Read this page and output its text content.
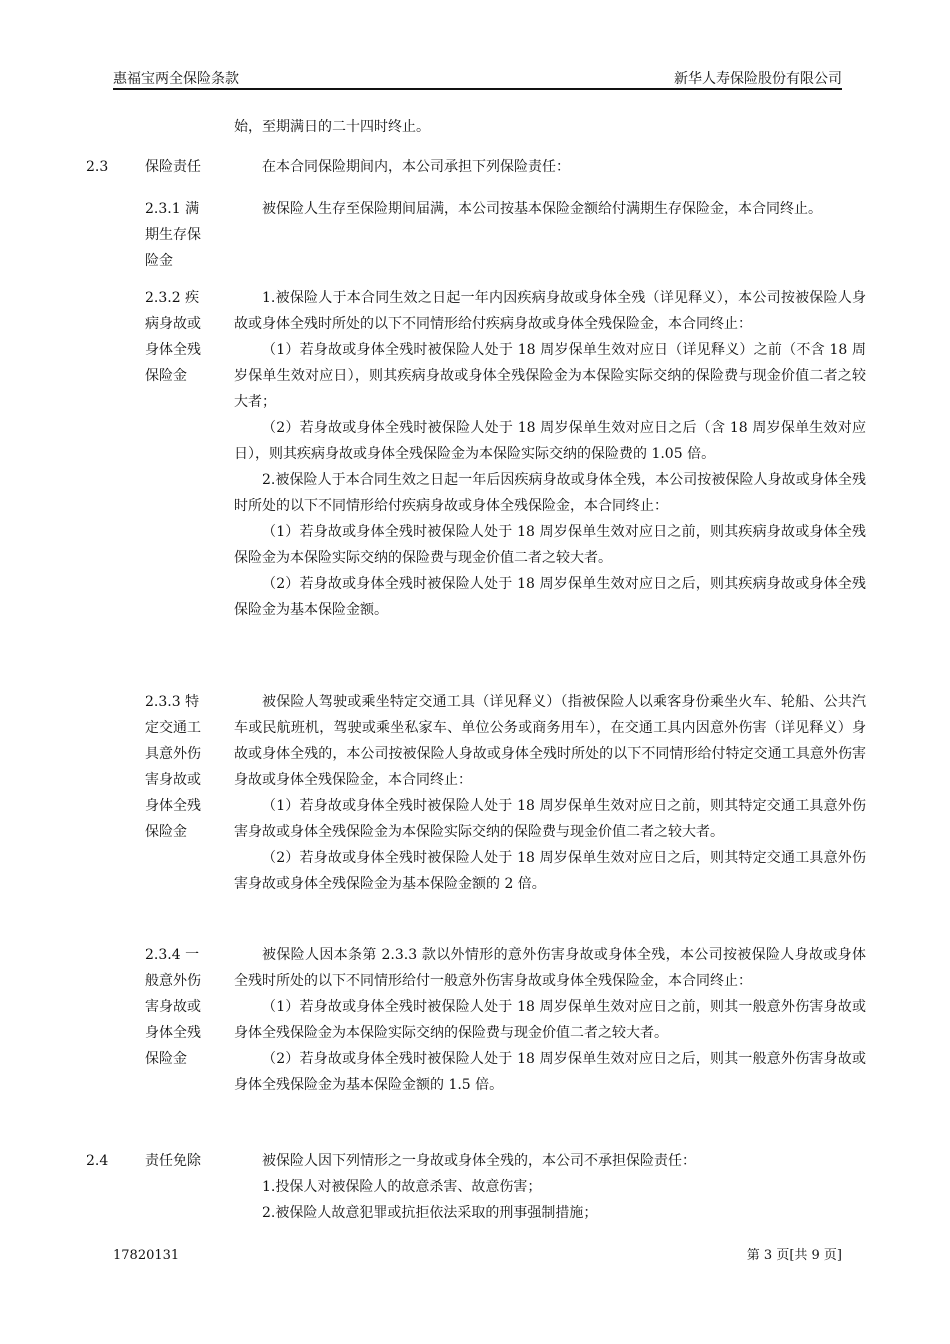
惠福宝两全保险条款	新华人寿保险股份有限公司

始，至期满日的二十四时终止。

2.3	保险责任	在本合同保险期间内，本公司承担下列保险责任：

2.3.1 满
期生存保
险金

被保险人生存至保险期间届满，本公司按基本保险金额给付满期生存保险金，本合同终止。

2.3.2 疾
病身故或
身体全残
保险金

1.被保险人于本合同生效之日起一年内因疾病身故或身体全残（详见释义），本公司按被保险人身故或身体全残时所处的以下不同情形给付疾病身故或身体全残保险金，本合同终止：

（1）若身故或身体全残时被保险人处于 18 周岁保单生效对应日（详见释义）之前（不含 18 周岁保单生效对应日），则其疾病身故或身体全残保险金为本保险实际交纳的保险费与现金价值二者之较大者；

（2）若身故或身体全残时被保险人处于 18 周岁保单生效对应日之后（含 18 周岁保单生效对应日），则其疾病身故或身体全残保险金为本保险实际交纳的保险费的 1.05 倍。

2.被保险人于本合同生效之日起一年后因疾病身故或身体全残，本公司按被保险人身故或身体全残时所处的以下不同情形给付疾病身故或身体全残保险金，本合同终止：

（1）若身故或身体全残时被保险人处于 18 周岁保单生效对应日之前，则其疾病身故或身体全残保险金为本保险实际交纳的保险费与现金价值二者之较大者。

（2）若身故或身体全残时被保险人处于 18 周岁保单生效对应日之后，则其疾病身故或身体全残保险金为基本保险金额。

2.3.3 特
定交通工
具意外伤
害身故或
身体全残
保险金

被保险人驾驶或乘坐特定交通工具（详见释义）（指被保险人以乘客身份乘坐火车、轮船、公共汽车或民航班机，驾驶或乘坐私家车、单位公务或商务用车），在交通工具内因意外伤害（详见释义）身故或身体全残的，本公司按被保险人身故或身体全残时所处的以下不同情形给付特定交通工具意外伤害身故或身体全残保险金，本合同终止：

（1）若身故或身体全残时被保险人处于 18 周岁保单生效对应日之前，则其特定交通工具意外伤害身故或身体全残保险金为本保险实际交纳的保险费与现金价值二者之较大者。

（2）若身故或身体全残时被保险人处于 18 周岁保单生效对应日之后，则其特定交通工具意外伤害身故或身体全残保险金为基本保险金额的 2 倍。

2.3.4 一
般意外伤
害身故或
身体全残
保险金

被保险人因本条第 2.3.3 款以外情形的意外伤害身故或身体全残，本公司按被保险人身故或身体全残时所处的以下不同情形给付一般意外伤害身故或身体全残保险金，本合同终止：

（1）若身故或身体全残时被保险人处于 18 周岁保单生效对应日之前，则其一般意外伤害身故或身体全残保险金为本保险实际交纳的保险费与现金价值二者之较大者。

（2）若身故或身体全残时被保险人处于 18 周岁保单生效对应日之后，则其一般意外伤害身故或身体全残保险金为基本保险金额的 1.5 倍。

2.4	责任免除	被保险人因下列情形之一身故或身体全残的，本公司不承担保险责任：

1.投保人对被保险人的故意杀害、故意伤害；

2.被保险人故意犯罪或抗拒依法采取的刑事强制措施；

17820131	第 3 页[共 9 页]
